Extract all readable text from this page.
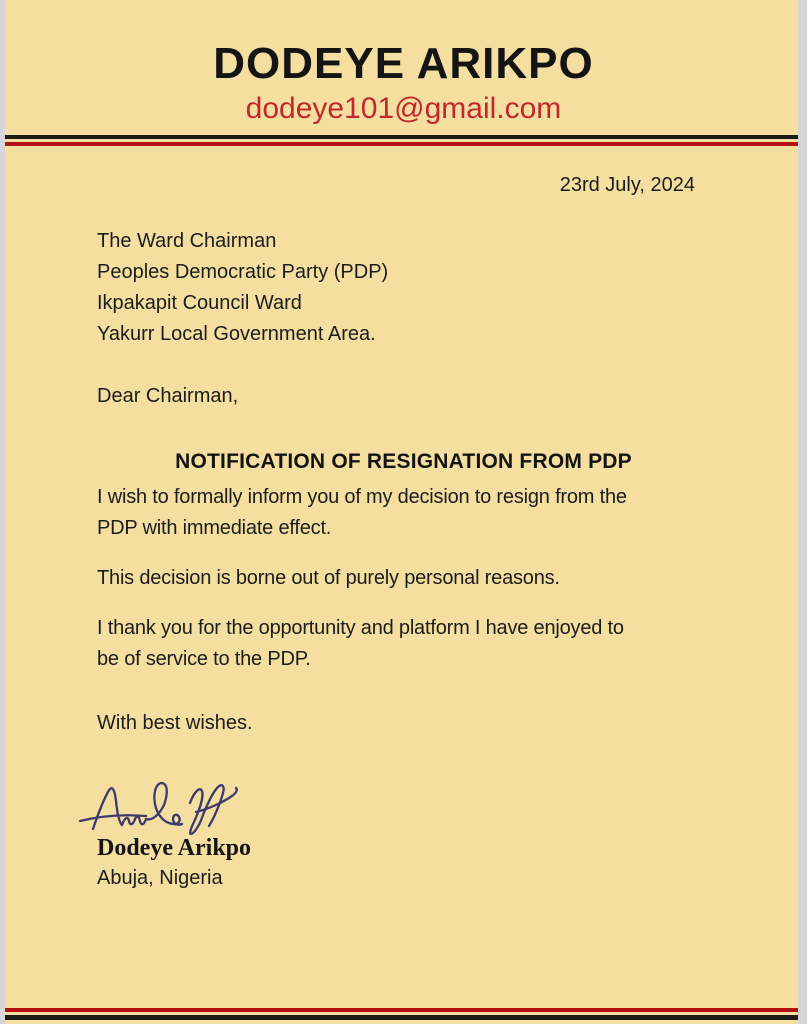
DODEYE ARIKPO
dodeye101@gmail.com
23rd July, 2024
The Ward Chairman
Peoples Democratic Party (PDP)
Ikpakapit Council Ward
Yakurr Local Government Area.
Dear Chairman,
NOTIFICATION OF RESIGNATION FROM PDP
I wish to formally inform you of my decision to resign from the
PDP with immediate effect.
This decision is borne out of purely personal reasons.
I thank you for the opportunity and platform I have enjoyed to
be of service to the PDP.
With best wishes.
Dodeye Arikpo
Abuja, Nigeria
